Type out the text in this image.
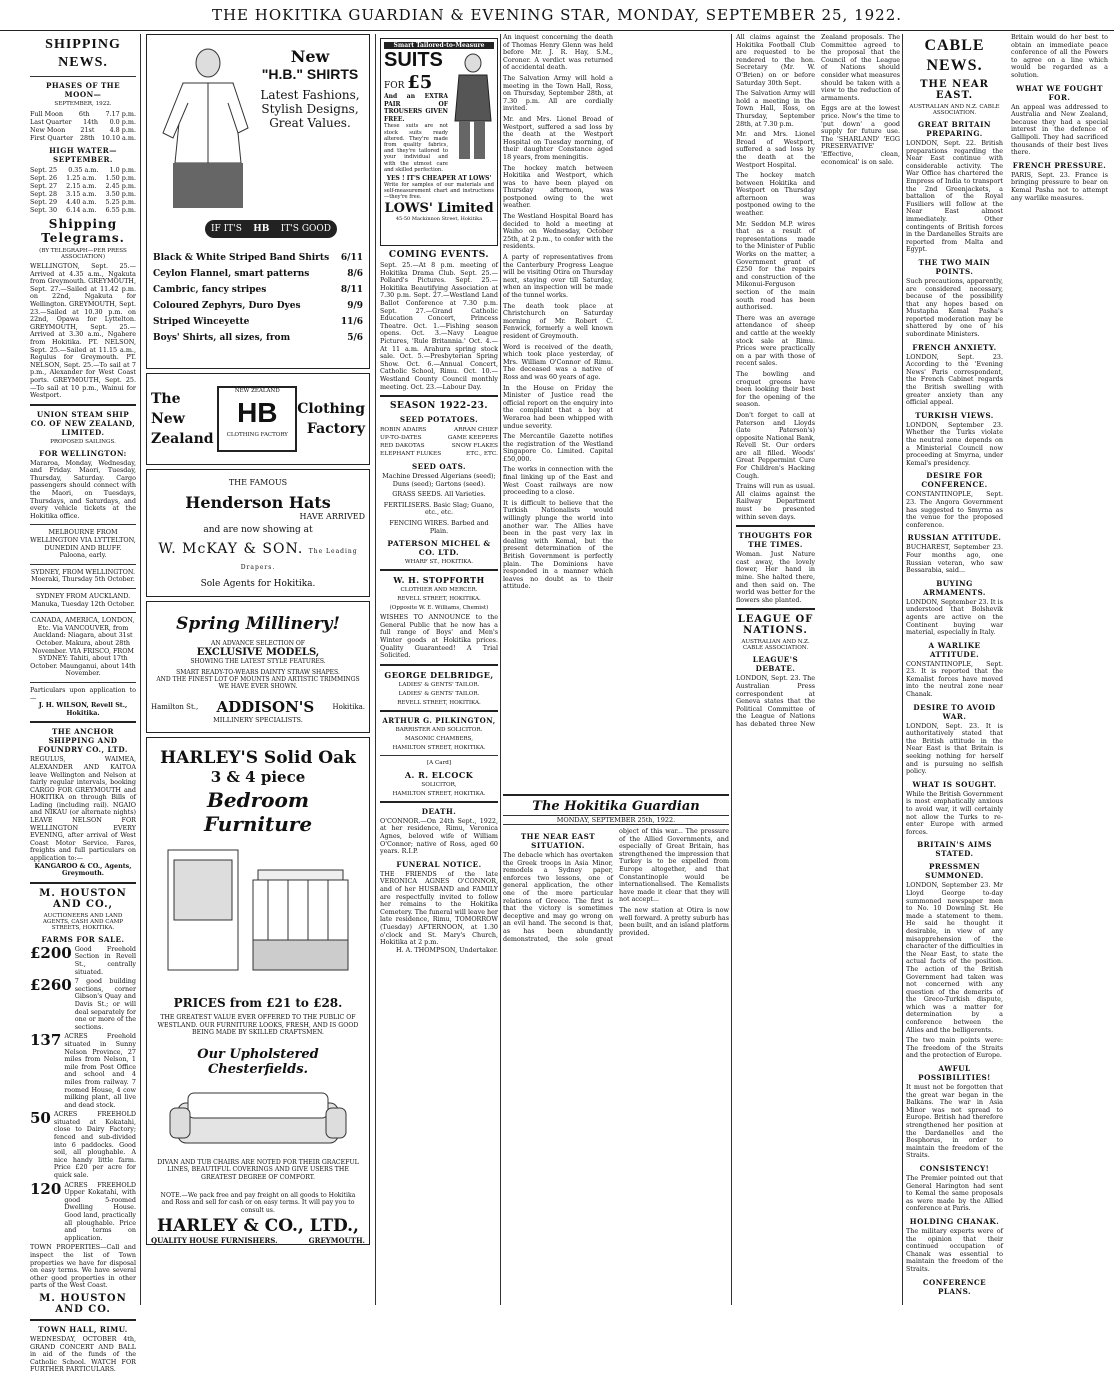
THE HOKITIKA GUARDIAN & EVENING STAR, MONDAY, SEPTEMBER 25, 1922.
SHIPPING NEWS.
PHASES OF THE MOON—
SEPTEMBER, 1922.
Full Moon 6th 7.17 p.m.
Last Quarter 14th 0.0 p.m.
New Moon 21st 4.8 p.m.
First Quarter 28th 10.10 a.m.
HIGH WATER—SEPTEMBER.
Sept. 25 0.35 a.m. 1.0 p.m.
Sept. 26 1.25 a.m. 1.50 p.m.
Sept. 27 2.15 a.m. 2.45 p.m.
Sept. 28 3.15 a.m. 3.50 p.m.
Sept. 29 4.40 a.m. 5.25 p.m.
Sept. 30 6.14 a.m. 6.55 p.m.
Shipping Telegrams.
(BY TELEGRAPH—PER PRESS ASSOCIATION)

WELLINGTON, Sept. 25.—Arrived at 4.35 a.m., Ngakuta from Greymouth. GREYMOUTH, Sept. 27.—Sailed at 11.42 p.m. on 22nd, Ngakuta for Wellington. GREYMOUTH, Sept. 23.—Sailed at 10.30 p.m. on 22nd, Opawa for Lyttelton. GREYMOUTH, Sept. 25.—Arrived at 3.30 a.m., Ngahere from Hokitika. PT. NELSON, Sept. 25.—Sailed at 11.15 a.m., Regulus for Greymouth. PT. NELSON, Sept. 25.—To sail at 7 p.m., Alexander for West Coast ports. GREYMOUTH, Sept. 25.—To sail at 10 p.m., Wainui for Westport.

UNION STEAM SHIP CO. OF NEW ZEALAND, LIMITED.
PROPOSED SAILINGS.
FOR WELLINGTON:

Mararoa, Monday, Wednesday, and Friday. Maori, Tuesday, Thursday, Saturday. Cargo passengers should connect with the Maori, on Tuesdays, Thursdays, and Saturdays, and every vehicle tickets at the Hokitika office.

MELBOURNE FROM WELLINGTON VIA LYTTELTON, DUNEDIN AND BLUFF. Paloona, early.

SYDNEY, FROM WELLINGTON. Moeraki, Thursday 5th October.

SYDNEY FROM AUCKLAND. Manuka, Tuesday 12th October.

CANADA, AMERICA, LONDON, Etc. Via VANCOUVER, from Auckland: Niagara, about 31st October. Makura, about 28th November. VIA FRISCO, FROM SYDNEY: Tahiti, about 17th October. Maunganui, about 14th November.

Particulars upon application to—

J. H. WILSON, Revell St., Hokitika.

THE ANCHOR SHIPPING AND FOUNDRY CO., LTD.

REGULUS, WAIMEA, ALEXANDER AND KAITOA leave Wellington and Nelson at fairly regular intervals, booking CARGO FOR GREYMOUTH and HOKITIKA on through Bills of Lading (including rail). NGAIO and NIKAU (or alternate nights) LEAVE NELSON FOR WELLINGTON EVERY EVENING, after arrival of West Coast Motor Service. Fares, freights and full particulars on application to:—

KANGAROO & CO., Agents, Greymouth.

M. HOUSTON AND CO.,
AUCTIONEERS AND LAND AGENTS, CASH AND CAMP STREETS, HOKITIKA.
FARMS FOR SALE.
£200 Good Freehold Section in Revell St., centrally situated.

£260 7 good building sections, corner Gibson's Quay and Davis St.; or will deal separately for one or more of the sections.

137 ACRES Freehold situated in Sunny Nelson Province, 27 miles from Nelson, 1 mile from Post Office and school and 4 miles from railway. 7 roomed House, 4 cow milking plant, all live and dead stock.

50 ACRES FREEHOLD situated at Kokatahi, close to Dairy Factory; fenced and sub-divided into 6 paddocks. Good soil, all ploughable. A nice handy little farm. Price £20 per acre for quick sale.

120 ACRES FREEHOLD Upper Kokatahi, with good 5-roomed Dwelling House. Good land, practically all ploughable. Price and terms on application.

TOWN PROPERTIES—Call and inspect the list of Town properties we have for disposal on easy terms. We have several other good properties in other parts of the West Coast.

M. HOUSTON AND CO.
TOWN HALL, RIMU.

WEDNESDAY, OCTOBER 4th, GRAND CONCERT AND BALL in aid of the funds of the Catholic School. WATCH FOR FURTHER PARTICULARS.

New
"H.B." SHIRTS
Latest Fashions,
Stylish Designs,
Great Values.
IF IT'S HB IT'S GOOD
Black & White Striped Band Shirts 6/11
Ceylon Flannel, smart patterns	8/6
Cambric, fancy stripes	8/11
Coloured Zephyrs, Duro Dyes	9/9
Striped Winceyette	11/6
Boys' Shirts, all sizes, from	5/6
The New
Zealand
NEW ZEALAND
HB
CLOTHING FACTORY
Clothing
Factory
THE FAMOUS
Henderson Hats
HAVE ARRIVED
and are now showing at
W. McKAY & SON. The Leading Drapers.
Sole Agents for Hokitika.
Spring Millinery!
AN ADVANCE SELECTION OF
EXCLUSIVE MODELS,
SHOWING THE LATEST STYLE FEATURES.
SMART READY-TO-WEARS DAINTY STRAW SHAPES.
AND THE FINEST LOT OF MOUNTS AND ARTISTIC TRIMMINGS WE HAVE EVER SHOWN.
Hamilton St., ADDISON'S	Hokitika.
MILLINERY SPECIALISTS.
HARLEY'S Solid Oak
3 & 4 piece
Bedroom Furniture
PRICES from £21 to £28.

THE GREATEST VALUE EVER OFFERED TO THE PUBLIC OF WESTLAND. OUR FURNITURE LOOKS, FRESH, AND IS GOOD BEING MADE BY SKILLED CRAFTSMEN.

Our Upholstered Chesterfields.

DIVAN AND TUB CHAIRS ARE NOTED FOR THEIR GRACEFUL LINES, BEAUTIFUL COVERINGS AND GIVE USERS THE GREATEST DEGREE OF COMFORT.

NOTE.—We pack free and pay freight on all goods to Hokitika and Ross and sell for cash or on easy terms. It will pay you to consult us.

HARLEY & CO., LTD.,
QUALITY HOUSE FURNISHERS.	GREYMOUTH.
Smart Tailored-to-Measure
SUITS
FOR £5

And an EXTRA PAIR OF TROUSERS GIVEN FREE.

These suits are not stock suits ready altered. They're made from quality fabrics, and they're tailored to your individual and with the utmost care and skilled perfection.

YES ! IT'S CHEAPER AT LOWS'

Write for samples of our materials and self-measurement chart and instructions—they're free.

LOWS' Limited
45-50 Mackinnon Street, Hokitika
COMING EVENTS.

Sept. 25.—At 8 p.m. meeting of Hokitika Drama Club. Sept. 25.—Pollard's Pictures. Sept. 25.—Hokitika Beautifying Association at 7.30 p.m. Sept. 27.—Westland Land Ballot Conference at 7.30 p.m. Sept. 27.—Grand Catholic Education Concert, Princess Theatre. Oct. 1.—Fishing season opens. Oct. 3.—Navy League Pictures, 'Rule Britannia.' Oct. 4.—At 11 a.m. Arahura spring stock sale. Oct. 5.—Presbyterian Spring Show. Oct. 6.—Annual Concert, Catholic School, Rimu. Oct. 10.—Westland County Council monthly meeting. Oct. 23.—Labour Day.

SEASON 1922-23.
SEED POTATOES.
ROBIN ADAIRS	ARRAN CHIEF
UP-TO-DATES	GAME KEEPERS
RED DAKOTAS	SNOW FLAKES
ELEPHANT FLUKES	ETC., ETC.
SEED OATS.

Machine Dressed Algerians (seed); Duns (seed); Gartons (seed).

GRASS SEEDS. All Varieties.

FERTILISERS. Basic Slag; Guano, etc., etc.

FENCING WIRES. Barbed and Plain.

PATERSON MICHEL & CO. LTD.
WHARF ST., HOKITIKA.
W. H. STOPFORTH
CLOTHIER AND MERCER.
REVELL STREET, HOKITIKA.
(Opposite W. E. Williams, Chemist)

WISHES TO ANNOUNCE to the General Public that he now has a full range of Boys' and Men's Winter goods at Hokitika prices. Quality Guaranteed! A Trial Solicited.

GEORGE DELBRIDGE,
LADIES' & GENTS' TAILOR.
LADIES' & GENTS' TAILOR.
REVELL STREET, HOKITIKA.
ARTHUR G. PILKINGTON,
BARRISTER AND SOLICITOR.
MASONIC CHAMBERS,
HAMILTON STREET, HOKITIKA.
[A Card]
A. R. ELCOCK
SOLICITOR,
HAMILTON STREET, HOKITIKA.
DEATH.

O'CONNOR.—On 24th Sept., 1922, at her residence, Rimu, Veronica Agnes, beloved wife of William O'Connor; native of Ross, aged 60 years. R.I.P.

FUNERAL NOTICE.

THE FRIENDS of the late VERONICA AGNES O'CONNOR, and of her HUSBAND and FAMILY are respectfully invited to follow her remains to the Hokitika Cemetery. The funeral will leave her late residence, Rimu, TOMORROW (Tuesday) AFTERNOON, at 1.30 o'clock and St. Mary's Church, Hokitika at 2 p.m.

H. A. THOMPSON, Undertaker.

An inquest concerning the death of Thomas Henry Glenn was held before Mr. J. R. Hay, S.M., Coroner. A verdict was returned of accidental death.

The Salvation Army will hold a meeting in the Town Hall, Ross, on Thursday, September 28th, at 7.30 p.m. All are cordially invited.

Mr. and Mrs. Lionel Broad of Westport, suffered a sad loss by the death at the Westport Hospital on Tuesday morning, of their daughter Constance aged 18 years, from meningitis.

The hockey match between Hokitika and Westport, which was to have been played on Thursday afternoon, was postponed owing to the wet weather.

The Westland Hospital Board has decided to hold a meeting at Waiho on Wednesday, October 25th, at 2 p.m., to confer with the residents.

A party of representatives from the Canterbury Progress League will be visiting Otira on Thursday next, staying over till Saturday, when an inspection will be made of the tunnel works.

The death took place at Christchurch on Saturday morning of Mr. Robert C. Fenwick, formerly a well known resident of Greymouth.

Word is received of the death, which took place yesterday, of Mrs. William O'Connor of Rimu. The deceased was a native of Ross and was 60 years of age.

In the House on Friday the Minister of Justice read the official report on the enquiry into the complaint that a boy at Weraroa had been whipped with undue severity.

The Mercantile Gazette notifies the registration of the Westland Singapore Co. Limited. Capital £50,000.

The works in connection with the final linking up of the East and West Coast railways are now proceeding to a close.

It is difficult to believe that the Turkish Nationalists would willingly plunge the world into another war. The Allies have been in the past very lax in dealing with Kemal, but the present determination of the British Government is perfectly plain. The Dominions have responded in a manner which leaves no doubt as to their attitude.

The Hokitika Guardian
MONDAY, SEPTEMBER 25th, 1922.
THE NEAR EAST SITUATION.

The debacle which has overtaken the Greek troops in Asia Minor, remodels a Sydney paper, enforces two lessons, one of general application, the other one of the more particular relations of Greece. The first is that the victory is sometimes deceptive and may go wrong on an evil hand. The second is that, as has been abundantly demonstrated, the sole great object of this war... The pressure of the Allied Governments, and especially of Great Britain, has strengthened the impression that Turkey is to be expelled from Europe altogether, and that Constantinople would be internationalised. The Kemalists have made it clear that they will not accept...

The new station at Otira is now well forward. A pretty suburb has been built, and an island platform provided.

All claims against the Hokitika Football Club are requested to be rendered to the hon. Secretary (Mr. W. O'Brien) on or before Saturday 30th Sept.

The Salvation Army will hold a meeting in the Town Hall, Ross, on Thursday, September 28th, at 7.30 p.m.

Mr. and Mrs. Lionel Broad of Westport, suffered a sad loss by the death at the Westport Hospital.

The hockey match between Hokitika and Westport on Thursday afternoon was postponed owing to the weather.

Mr. Seddon M.P. wires that as a result of representations made to the Minister of Public Works on the matter, a Government grant of £250 for the repairs and construction of the Mikonui-Ferguson section of the main south road has been authorised.

There was an average attendance of sheep and cattle at the weekly stock sale at Rimu. Prices were practically on a par with those of recent sales.

The bowling and croquet greens have been looking their best for the opening of the season.

Don't forget to call at Paterson and Lloyds (late Paterson's) opposite National Bank, Revell St. Our orders are all filled. Woods' Great Peppermint Cure For Children's Hacking Cough.

Trains will run as usual. All claims against the Railway Department must be presented within seven days.

THOUGHTS FOR THE TIMES.

Woman. Just Nature cast away, the lovely flower, Her hand in mine. She halted there, and then said on. The world was better for the flowers she planted.

LEAGUE OF NATIONS.
AUSTRALIAN AND N.Z. CABLE ASSOCIATION.
LEAGUE'S DEBATE.

LONDON, Sept. 23. The Australian Press correspondent at Geneva states that the Political Committee of the League of Nations has debated three New Zealand proposals. The Committee agreed to the proposal that the Council of the League of Nations should consider what measures should be taken with a view to the reduction of armaments.

Eggs are at the lowest price. Now's the time to 'put down' a good supply for future use. The 'SHARLAND' 'EGG PRESERVATIVE' 'Effective, clean, economical' is on sale.

CABLE NEWS.
THE NEAR EAST.
AUSTRALIAN AND N.Z. CABLE ASSOCIATION.
GREAT BRITAIN PREPARING.

LONDON, Sept. 22. British preparations regarding the Near East continue with considerable activity. The War Office has chartered the Empress of India to transport the 2nd Greenjackets, a battalion of the Royal Fusiliers will follow at the Near East almost immediately. Other contingents of British forces in the Dardanelles Straits are reported from Malta and Egypt.

THE TWO MAIN POINTS.

Such precautions, apparently, are considered necessary, because of the possibility that any hopes based on Mustapha Kemal Pasha's reported moderation may be shattered by one of his subordinate Ministers.

FRENCH ANXIETY.

LONDON, Sept. 23. According to the 'Evening News' Paris correspondent, the French Cabinet regards the British swelling with greater anxiety than any official appeal.

TURKISH VIEWS.

LONDON, September 23. Whether the Turks violate the neutral zone depends on a Ministerial Council now proceeding at Smyrna, under Kemal's presidency.

DESIRE FOR CONFERENCE.

CONSTANTINOPLE, Sept. 23. The Angora Government has suggested to Smyrna as the venue for the proposed conference.

RUSSIAN ATTITUDE.

BUCHAREST, September 23. Four months ago, one Russian veteran, who saw Bessarabia, said...

BUYING ARMAMENTS.

LONDON, September 23. It is understood that Bolshevik agents are active on the Continent buying war material, especially in Italy.

A WARLIKE ATTITUDE.

CONSTANTINOPLE, Sept. 23. It is reported that the Kemalist forces have moved into the neutral zone near Chanak.

DESIRE TO AVOID WAR.

LONDON, Sept. 23. It is authoritatively stated that the British attitude in the Near East is that Britain is seeking nothing for herself and is pursuing no selfish policy.

WHAT IS SOUGHT.

While the British Government is most emphatically anxious to avoid war, it will certainly not allow the Turks to re-enter Europe with armed forces.

BRITAIN'S AIMS STATED.
PRESSMEN SUMMONED.

LONDON, September 23. Mr Lloyd George to-day summoned newspaper men to No. 10 Downing St. He made a statement to them. He said he thought it desirable, in view of any misapprehension of the character of the difficulties in the Near East, to state the actual facts of the position. The action of the British Government had taken was not concerned with any question of the demerits of the Greco-Turkish dispute, which was a matter for determination by a conference between the Allies and the belligerents.

The two main points were: The freedom of the Straits and the protection of Europe.

AWFUL POSSIBILITIES!

It must not be forgotten that the great war began in the Balkans. The war in Asia Minor was not spread to Europe. British had therefore strengthened her position at the Dardanelles and the Bosphorus, in order to maintain the freedom of the Straits.

CONSISTENCY!

The Premier pointed out that General Harington had sent to Kemal the same proposals as were made by the Allied conference at Paris.

HOLDING CHANAK.

The military experts were of the opinion that their continued occupation of Chanak was essential to maintain the freedom of the Straits.

CONFERENCE PLANS.

Britain would do her best to obtain an immediate peace conference of all the Powers to agree on a line which would be regarded as a solution.

WHAT WE FOUGHT FOR.

An appeal was addressed to Australia and New Zealand, because they had a special interest in the defence of Gallipoli. They had sacrificed thousands of their best lives there.

FRENCH PRESSURE.

PARIS, Sept. 23. France is bringing pressure to bear on Kemal Pasha not to attempt any warlike measures.
